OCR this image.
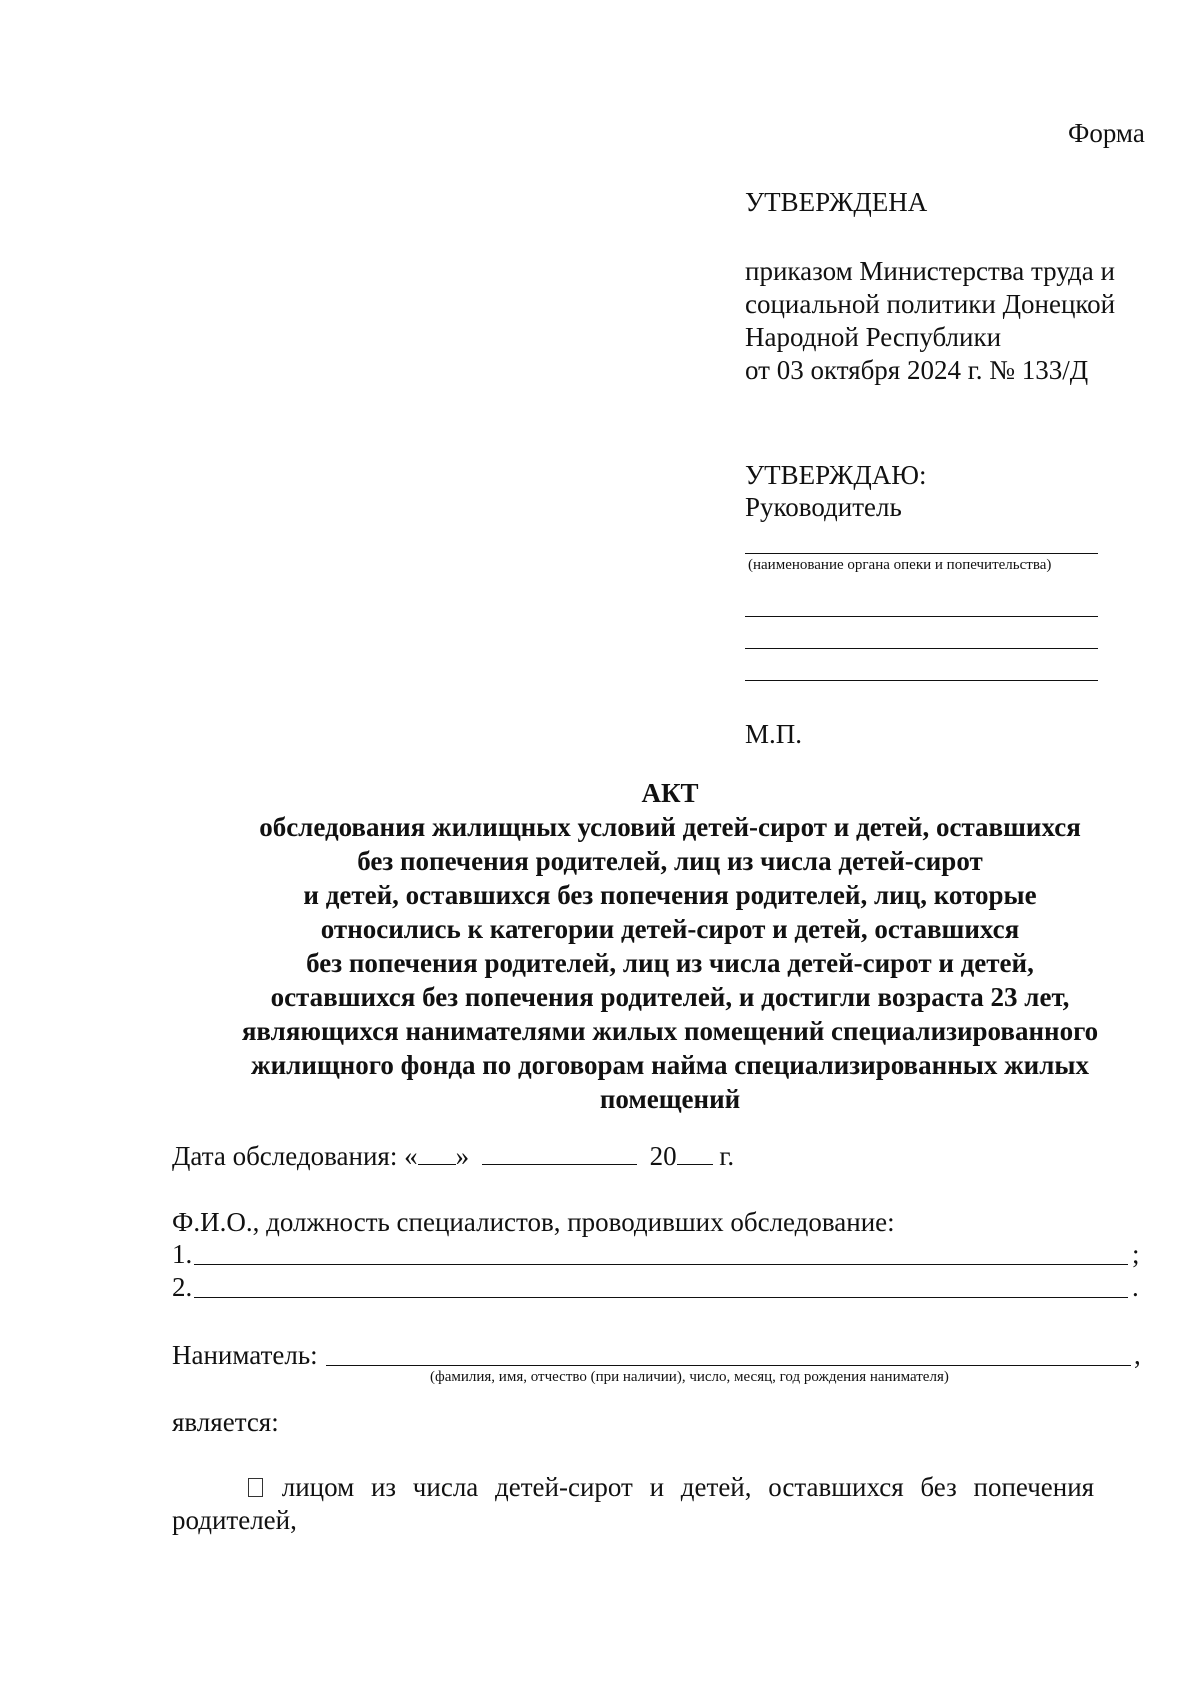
Форма
УТВЕРЖДЕНА
приказом Министерства труда и
социальной политики Донецкой
Народной Республики
от 03 октября 2024 г. № 133/Д
УТВЕРЖДАЮ:
Руководитель
(наименование органа опеки и попечительства)
М.П.
АКТ
обследования жилищных условий детей-сирот и детей, оставшихся
без попечения родителей, лиц из числа детей-сирот
и детей, оставшихся без попечения родителей, лиц, которые
относились к категории детей-сирот и детей, оставшихся
без попечения родителей, лиц из числа детей-сирот и детей,
оставшихся без попечения родителей, и достигли возраста 23 лет,
являющихся нанимателями жилых помещений специализированного
жилищного фонда по договорам найма специализированных жилых
помещений
Дата обследования: « »	20 г.
Ф.И.О., должность специалистов, проводивших обследование:
1.	;
2.	.
Наниматель:	,
(фамилия, имя, отчество (при наличии), число, месяц, год рождения нанимателя)
является:
лицом из числа детей-сирот и детей, оставшихся без попечения
родителей,
